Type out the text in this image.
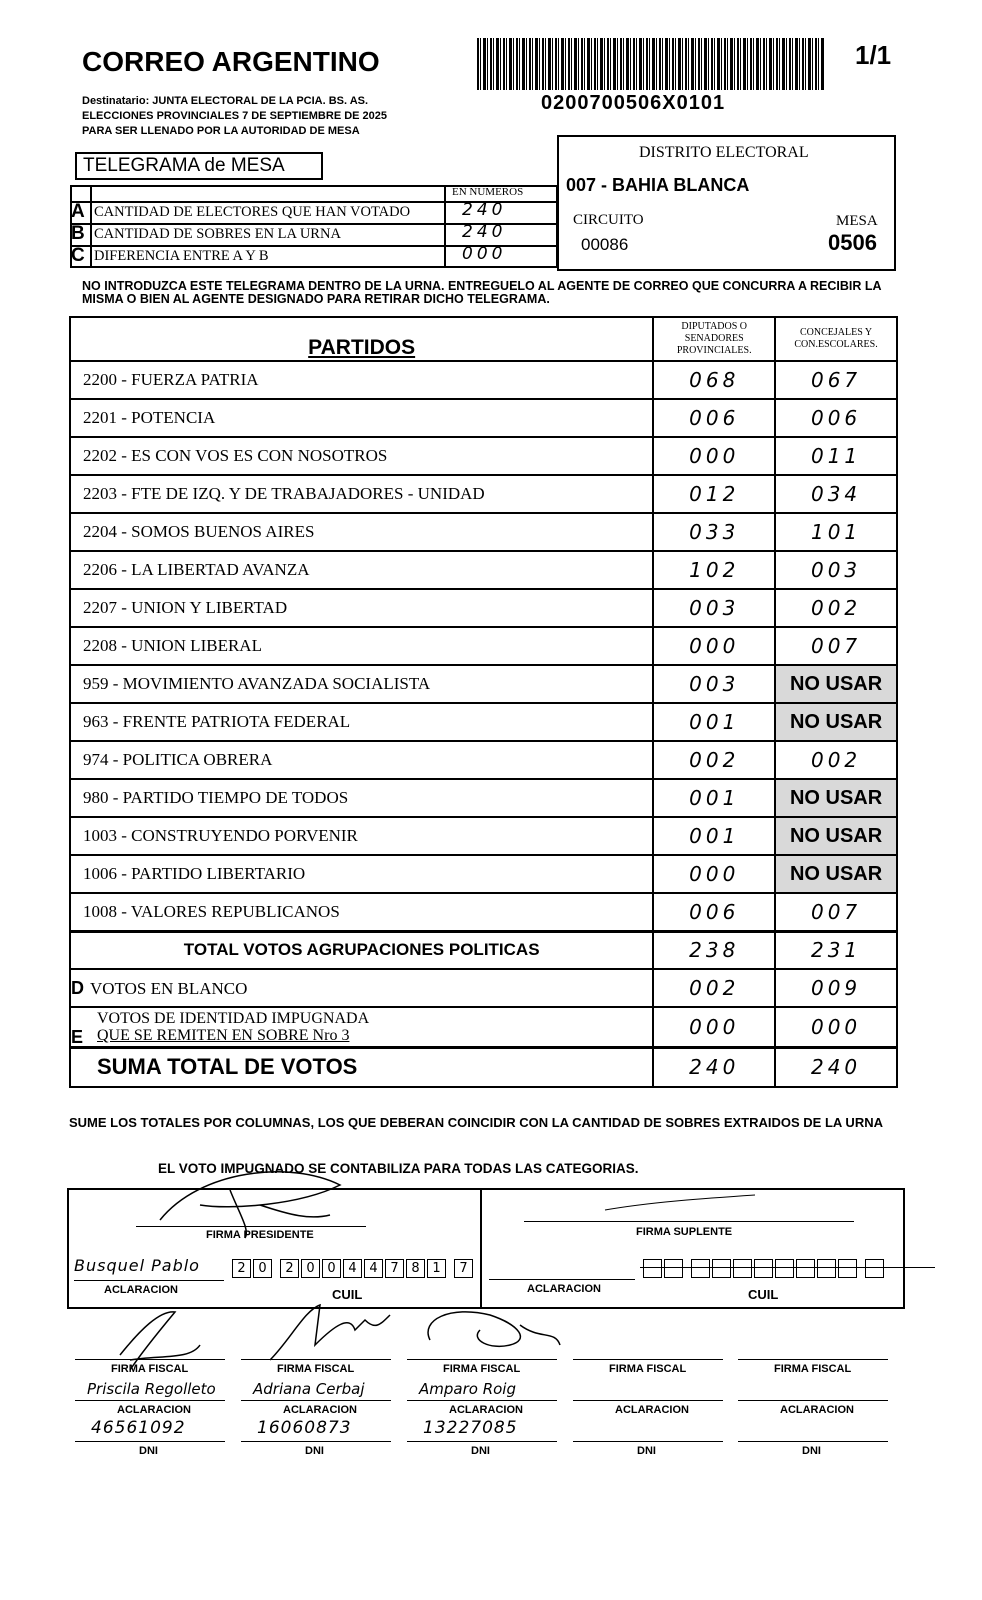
CORREO ARGENTINO	1/1
0200700506X0101
Destinatario: JUNTA ELECTORAL DE LA PCIA. BS. AS.
ELECCIONES PROVINCIALES 7 DE SEPTIEMBRE DE 2025
PARA SER LLENADO POR LA AUTORIDAD DE MESA
TELEGRAMA de MESA
EN NUMEROS
A CANTIDAD DE ELECTORES QUE HAN VOTADO	240
B CANTIDAD DE SOBRES EN LA URNA	240
C DIFERENCIA ENTRE A Y B	000
DISTRITO ELECTORAL
007 - BAHIA BLANCA
CIRCUITO
00086
MESA
0506
NO INTRODUZCA ESTE TELEGRAMA DENTRO DE LA URNA. ENTREGUELO AL AGENTE DE CORREO QUE CONCURRA A RECIBIR LA MISMA O BIEN AL AGENTE DESIGNADO PARA RETIRAR DICHO TELEGRAMA.
PARTIDOS	DIPUTADOS O SENADORES PROVINCIALES.	CONCEJALES Y CON.ESCOLARES.
2200 - FUERZA PATRIA	068	067
2201 - POTENCIA	006	006
2202 - ES CON VOS ES CON NOSOTROS	000	011
2203 - FTE DE IZQ. Y DE TRABAJADORES - UNIDAD	012	034
2204 - SOMOS BUENOS AIRES	033	101
2206 - LA LIBERTAD AVANZA	102	003
2207 - UNION Y LIBERTAD	003	002
2208 - UNION LIBERAL	000	007
959 - MOVIMIENTO AVANZADA SOCIALISTA	003	NO USAR
963 - FRENTE PATRIOTA FEDERAL	001	NO USAR
974 - POLITICA OBRERA	002	002
980 - PARTIDO TIEMPO DE TODOS	001	NO USAR
1003 - CONSTRUYENDO PORVENIR	001	NO USAR
1006 - PARTIDO LIBERTARIO	000	NO USAR
1008 - VALORES REPUBLICANOS	006	007
TOTAL VOTOS AGRUPACIONES POLITICAS	238	231
D VOTOS EN BLANCO	002	009

E
VOTOS DE IDENTIDAD IMPUGNADA
QUE SE REMITEN EN SOBRE Nro 3	000	000
SUMA TOTAL DE VOTOS	240	240
SUME LOS TOTALES POR COLUMNAS, LOS QUE DEBERAN COINCIDIR CON LA CANTIDAD DE SOBRES EXTRAIDOS DE LA URNA
EL VOTO IMPUGNADO SE CONTABILIZA PARA TODAS LAS CATEGORIAS.
FIRMA PRESIDENTE
Busquel Pablo
ACLARACION
2 0	2 0 0 4 4 7 8 1	7
CUIL
FIRMA SUPLENTE
ACLARACION	CUIL
FIRMA FISCAL
Priscila Regolleto
ACLARACION
46561092
DNI
FIRMA FISCAL
Adriana Cerbaj
ACLARACION
16060873
DNI
FIRMA FISCAL
Amparo Roig
ACLARACION
13227085
DNI
FIRMA FISCAL
ACLARACION
DNI
FIRMA FISCAL
ACLARACION
DNI
